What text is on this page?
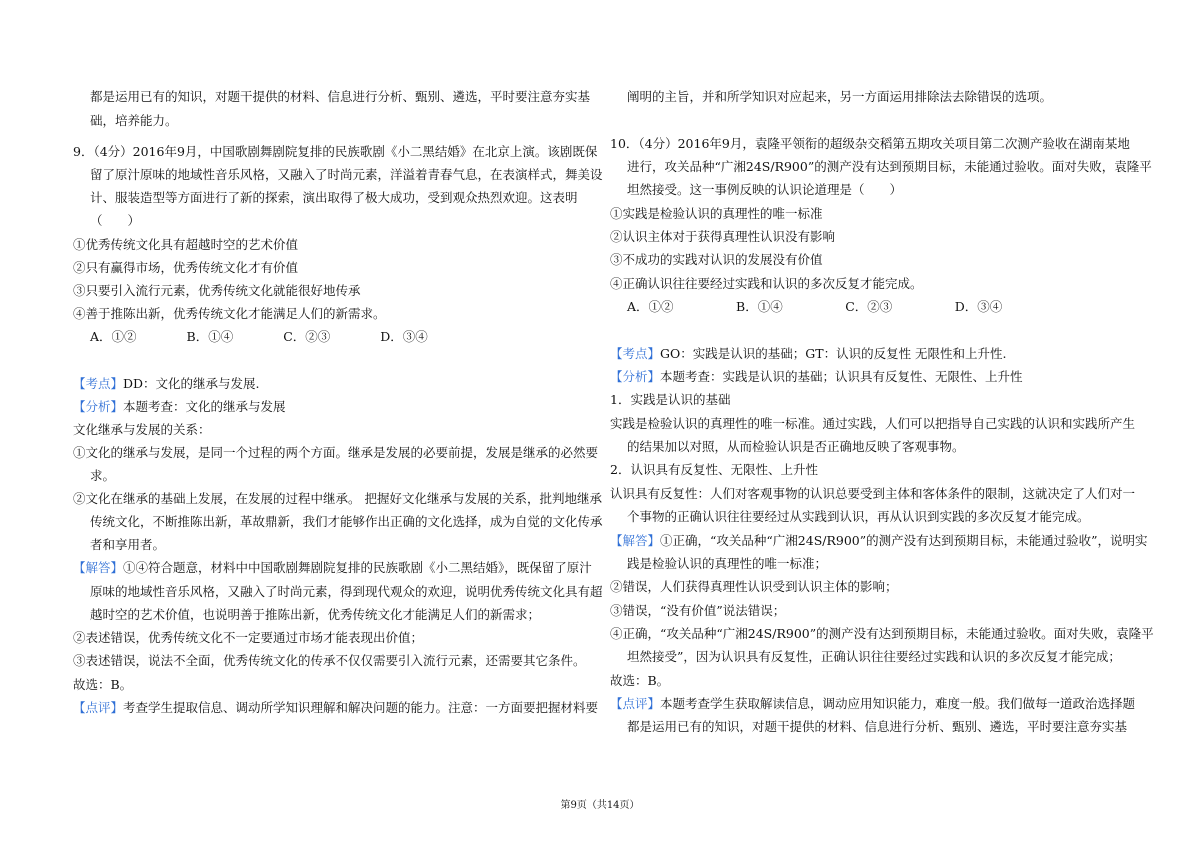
都是运用已有的知识，对题干提供的材料、信息进行分析、甄别、遴选，平时要注意夯实基
础，培养能力。
9．（4分）2016年9月，中国歌剧舞剧院复排的民族歌剧《小二黑结婚》在北京上演。该剧既保
留了原汁原味的地域性音乐风格，又融入了时尚元素，洋溢着青春气息，在表演样式，舞美设
计、服装造型等方面进行了新的探索，演出取得了极大成功，受到观众热烈欢迎。这表明
（　　）
①优秀传统文化具有超越时空的艺术价值
②只有赢得市场，优秀传统文化才有价值
③只要引入流行元素，优秀传统文化就能很好地传承
④善于推陈出新，优秀传统文化才能满足人们的新需求。
A．①②　　　　B．①④　　　　C．②③　　　　D．③④
【考点】DD：文化的继承与发展.
【分析】本题考查：文化的继承与发展
文化继承与发展的关系：
①文化的继承与发展，是同一个过程的两个方面。继承是发展的必要前提，发展是继承的必然要
求。
②文化在继承的基础上发展，在发展的过程中继承。 把握好文化继承与发展的关系，批判地继承
传统文化，不断推陈出新，革故鼎新，我们才能够作出正确的文化选择，成为自觉的文化传承
者和享用者。
【解答】①④符合题意，材料中中国歌剧舞剧院复排的民族歌剧《小二黑结婚》，既保留了原汁
原味的地域性音乐风格，又融入了时尚元素，得到现代观众的欢迎，说明优秀传统文化具有超
越时空的艺术价值，也说明善于推陈出新，优秀传统文化才能满足人们的新需求；
②表述错误，优秀传统文化不一定要通过市场才能表现出价值；
③表述错误，说法不全面，优秀传统文化的传承不仅仅需要引入流行元素，还需要其它条件。
故选：B。
【点评】考查学生提取信息、调动所学知识理解和解决问题的能力。注意：一方面要把握材料要
阐明的主旨，并和所学知识对应起来，另一方面运用排除法去除错误的选项。
10．（4分）2016年9月，袁隆平领衔的超级杂交稻第五期攻关项目第二次测产验收在湖南某地
进行，攻关品种“广湘24S/R900”的测产没有达到预期目标，未能通过验收。面对失败，袁隆平
坦然接受。这一事例反映的认识论道理是（　　）
①实践是检验认识的真理性的唯一标准
②认识主体对于获得真理性认识没有影响
③不成功的实践对认识的发展没有价值
④正确认识往往要经过实践和认识的多次反复才能完成。
A．①②　　　　　B．①④　　　　　C．②③　　　　　D．③④
【考点】GO：实践是认识的基础；GT：认识的反复性 无限性和上升性.
【分析】本题考查：实践是认识的基础；认识具有反复性、无限性、上升性
1．实践是认识的基础
实践是检验认识的真理性的唯一标准。通过实践，人们可以把指导自己实践的认识和实践所产生
的结果加以对照，从而检验认识是否正确地反映了客观事物。
2．认识具有反复性、无限性、上升性
认识具有反复性：人们对客观事物的认识总要受到主体和客体条件的限制，这就决定了人们对一
个事物的正确认识往往要经过从实践到认识，再从认识到实践的多次反复才能完成。
【解答】①正确，“攻关品种“广湘24S/R900”的测产没有达到预期目标，未能通过验收”，说明实
践是检验认识的真理性的唯一标准；
②错误，人们获得真理性认识受到认识主体的影响；
③错误，“没有价值”说法错误；
④正确，“攻关品种“广湘24S/R900”的测产没有达到预期目标，未能通过验收。面对失败，袁隆平
坦然接受”，因为认识具有反复性，正确认识往往要经过实践和认识的多次反复才能完成；
故选：B。
【点评】本题考查学生获取解读信息，调动应用知识能力，难度一般。我们做每一道政治选择题
都是运用已有的知识，对题干提供的材料、信息进行分析、甄别、遴选，平时要注意夯实基
第9页（共14页）
